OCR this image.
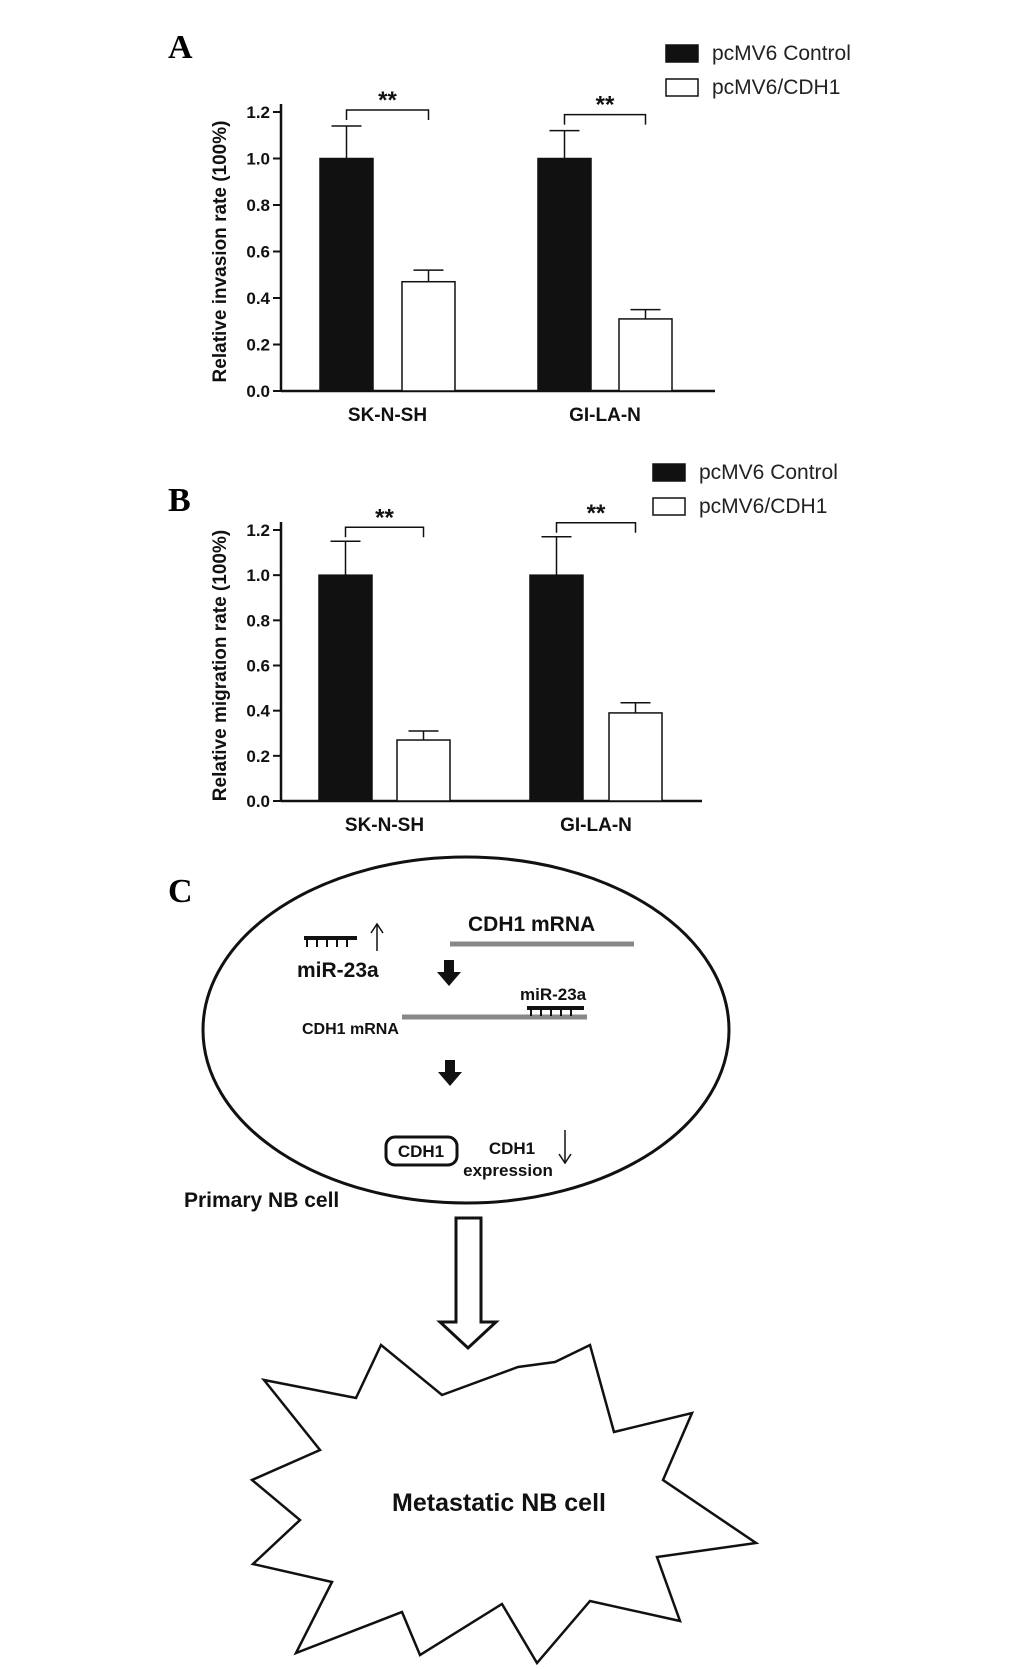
A
0.0
0.2
0.4
0.6
0.8
1.0
1.2
Relative invasion rate (100%)
SK-N-SH
**
GI-LA-N
**
pcMV6 Control
pcMV6/CDH1
B
0.0
0.2
0.4
0.6
0.8
1.0
1.2
Relative migration rate (100%)
SK-N-SH
**
GI-LA-N
**
pcMV6 Control
pcMV6/CDH1
C
miR-23a
CDH1 mRNA
miR-23a
CDH1 mRNA
CDH1	CDH1
expression
Primary NB cell
Metastatic NB cell
